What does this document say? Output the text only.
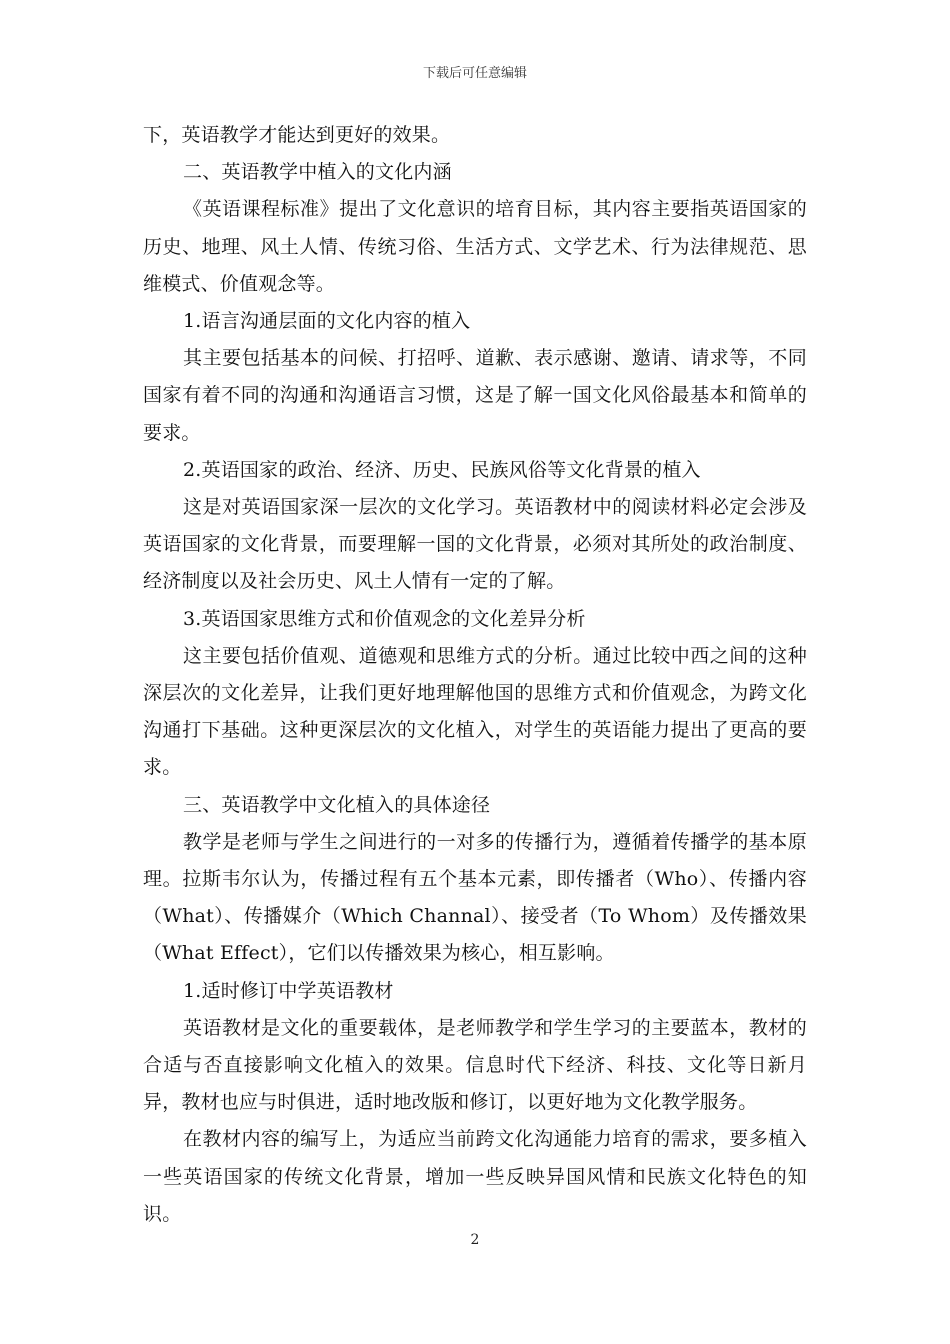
下载后可任意编辑

下，英语教学才能达到更好的效果。

二、英语教学中植入的文化内涵

《英语课程标准》提出了文化意识的培育目标，其内容主要指英语国家的历史、地理、风土人情、传统习俗、生活方式、文学艺术、行为法律规范、思维模式、价值观念等。

1.语言沟通层面的文化内容的植入

其主要包括基本的问候、打招呼、道歉、表示感谢、邀请、请求等，不同国家有着不同的沟通和沟通语言习惯，这是了解一国文化风俗最基本和简单的要求。

2.英语国家的政治、经济、历史、民族风俗等文化背景的植入

这是对英语国家深一层次的文化学习。英语教材中的阅读材料必定会涉及英语国家的文化背景，而要理解一国的文化背景，必须对其所处的政治制度、经济制度以及社会历史、风土人情有一定的了解。

3.英语国家思维方式和价值观念的文化差异分析

这主要包括价值观、道德观和思维方式的分析。通过比较中西之间的这种深层次的文化差异，让我们更好地理解他国的思维方式和价值观念，为跨文化沟通打下基础。这种更深层次的文化植入，对学生的英语能力提出了更高的要求。

三、英语教学中文化植入的具体途径

教学是老师与学生之间进行的一对多的传播行为，遵循着传播学的基本原理。拉斯韦尔认为，传播过程有五个基本元素，即传播者（Who）、传播内容（What）、传播媒介（Which Channal）、接受者（To Whom）及传播效果（What Effect），它们以传播效果为核心，相互影响。

1.适时修订中学英语教材

英语教材是文化的重要载体，是老师教学和学生学习的主要蓝本，教材的合适与否直接影响文化植入的效果。信息时代下经济、科技、文化等日新月异，教材也应与时俱进，适时地改版和修订，以更好地为文化教学服务。

在教材内容的编写上，为适应当前跨文化沟通能力培育的需求，要多植入一些英语国家的传统文化背景，增加一些反映异国风情和民族文化特色的知识。

2
